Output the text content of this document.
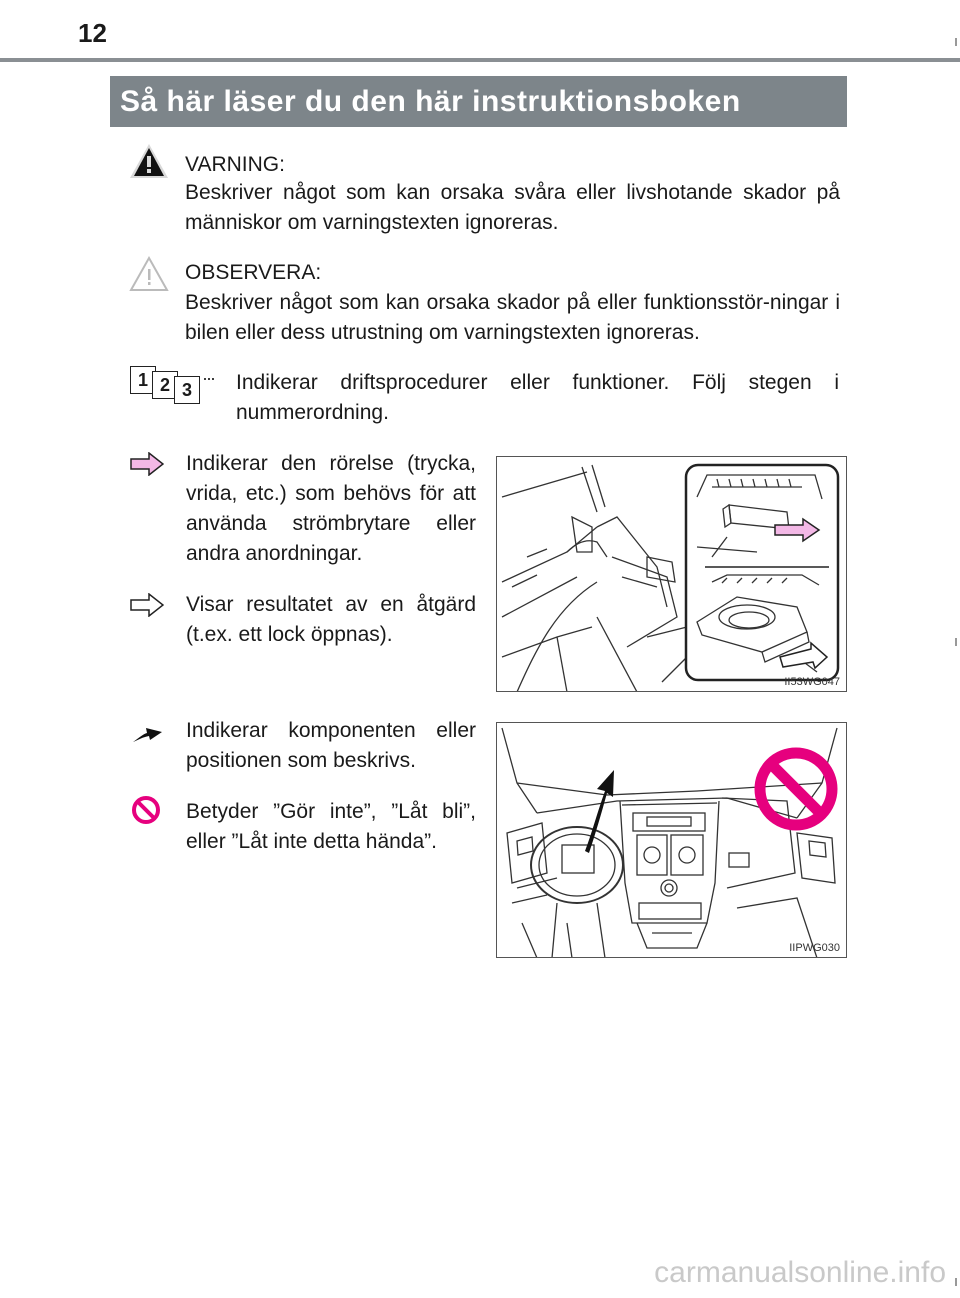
12
Så här läser du den här instruktionsboken
VARNING:
Beskriver något som kan orsaka svåra eller livshotande skador på människor om varningstexten ignoreras.
OBSERVERA:
Beskriver något som kan orsaka skador på eller funktionsstör-ningar i bilen eller dess utrustning om varningstexten ignoreras.
1 2 3
··· Indikerar driftsprocedurer eller funktioner. Följ stegen i nummerordning.
Indikerar den rörelse (trycka, vrida, etc.) som behövs för att använda strömbrytare eller andra anordningar.
Visar resultatet av en åtgärd (t.ex. ett lock öppnas).
II53WG047
Indikerar komponenten eller positionen som beskrivs.
Betyder ”Gör inte”, ”Låt bli”, eller ”Låt inte detta hända”.
IIPWG030
carmanualsonline.info
